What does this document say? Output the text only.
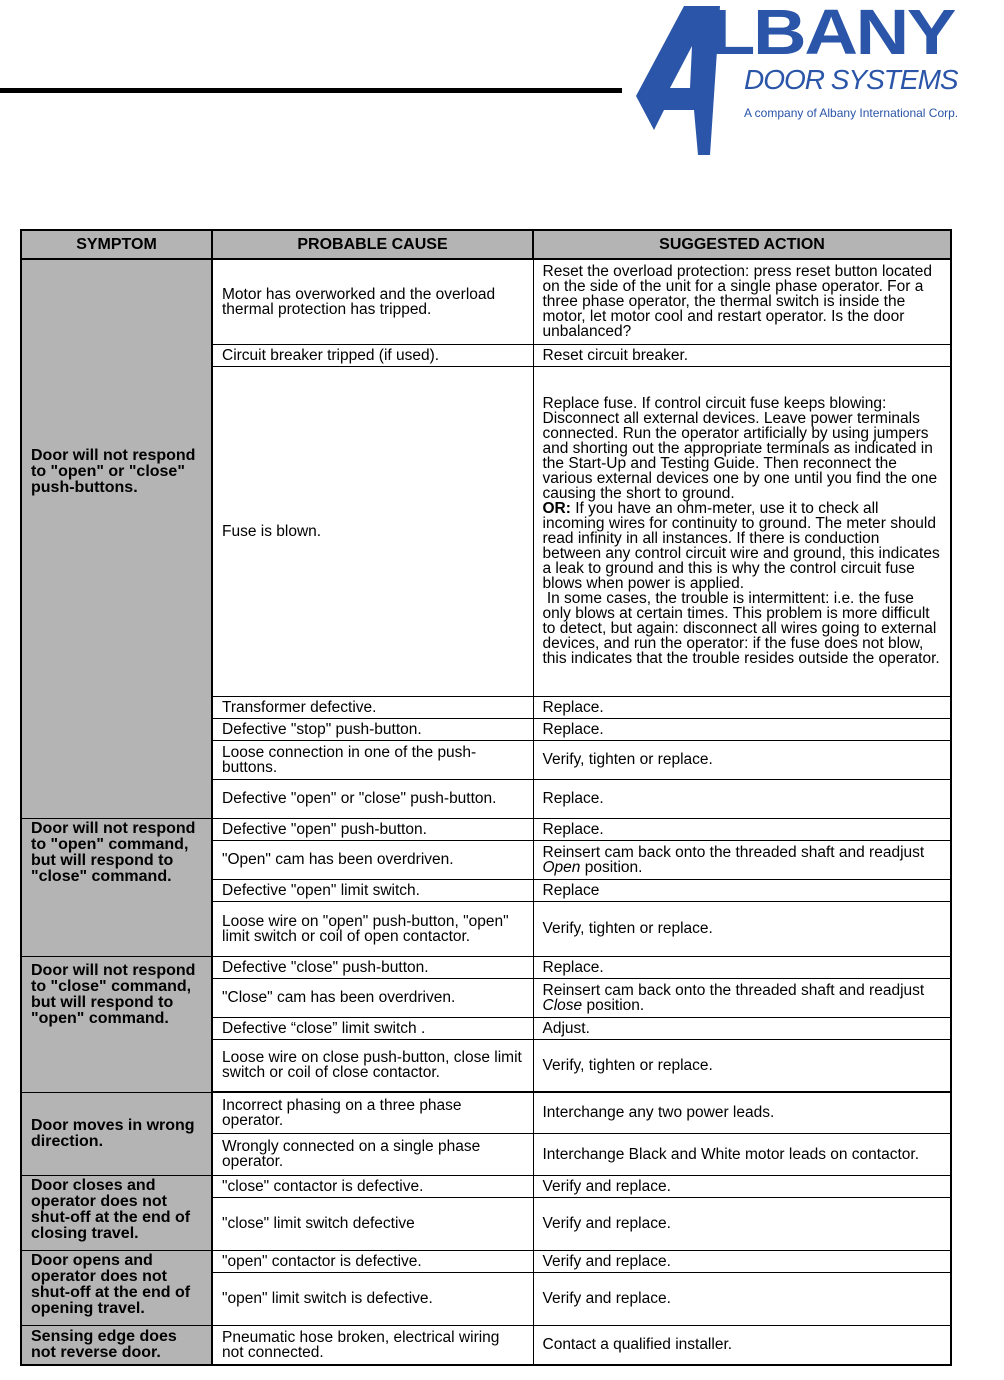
LBANY
DOOR SYSTEMS
A company of Albany International Corp.
SYMPTOM	PROBABLE CAUSE	SUGGESTED ACTION

Door will not respond to "open" or "close" push-buttons.	Motor has overworked and the overload thermal protection has tripped.	Reset the overload protection: press reset button located on the side of the unit for a single phase operator. For a three phase operator, the thermal switch is inside the motor, let motor cool and restart operator. Is the door unbalanced?
	Circuit breaker tripped (if used).	Reset circuit breaker.
	Fuse is blown.	Replace fuse. If control circuit fuse keeps blowing: Disconnect all external devices. Leave power terminals connected. Run the operator artificially by using jumpers and shorting out the appropriate terminals as indicated in the Start-Up and Testing Guide. Then reconnect the various external devices one by one until you find the one causing the short to ground.
OR: If you have an ohm-meter, use it to check all incoming wires for continuity to ground. The meter should read infinity in all instances. If there is conduction between any control circuit wire and ground, this indicates a leak to ground and this is why the control circuit fuse blows when power is applied.
In some cases, the trouble is intermittent: i.e. the fuse only blows at certain times. This problem is more difficult to detect, but again: disconnect all wires going to external devices, and run the operator: if the fuse does not blow, this indicates that the trouble resides outside the operator.
	Transformer defective.	Replace.
	Defective "stop" push-button.	Replace.
	Loose connection in one of the push-buttons.	Verify, tighten or replace.
	Defective "open" or "close" push-button.	Replace.

Door will not respond to "open" command, but will respond to "close" command.	Defective "open" push-button.	Replace.
	"Open" cam has been overdriven.	Reinsert cam back onto the threaded shaft and readjust Open position.
	Defective "open" limit switch.	Replace
	Loose wire on "open" push-button, "open" limit switch or coil of open contactor.	Verify, tighten or replace.

Door will not respond to "close" command, but will respond to "open" command.	Defective "close" push-button.	Replace.
	"Close" cam has been overdriven.	Reinsert cam back onto the threaded shaft and readjust Close position.
	Defective “close” limit switch .	Adjust.
	Loose wire on close push-button, close limit switch or coil of close contactor.	Verify, tighten or replace.

Door moves in wrong direction.	Incorrect phasing on a three phase operator.	Interchange any two power leads.
	Wrongly connected on a single phase operator.	Interchange Black and White motor leads on contactor.

Door closes and operator does not shut-off at the end of closing travel.	"close" contactor is defective.	Verify and replace.
	"close" limit switch defective	Verify and replace.

Door opens and operator does not shut-off at the end of opening travel.	"open" contactor is defective.	Verify and replace.
	"open" limit switch is defective.	Verify and replace.

Sensing edge does not reverse door.	Pneumatic hose broken, electrical wiring not connected.	Contact a qualified installer.
